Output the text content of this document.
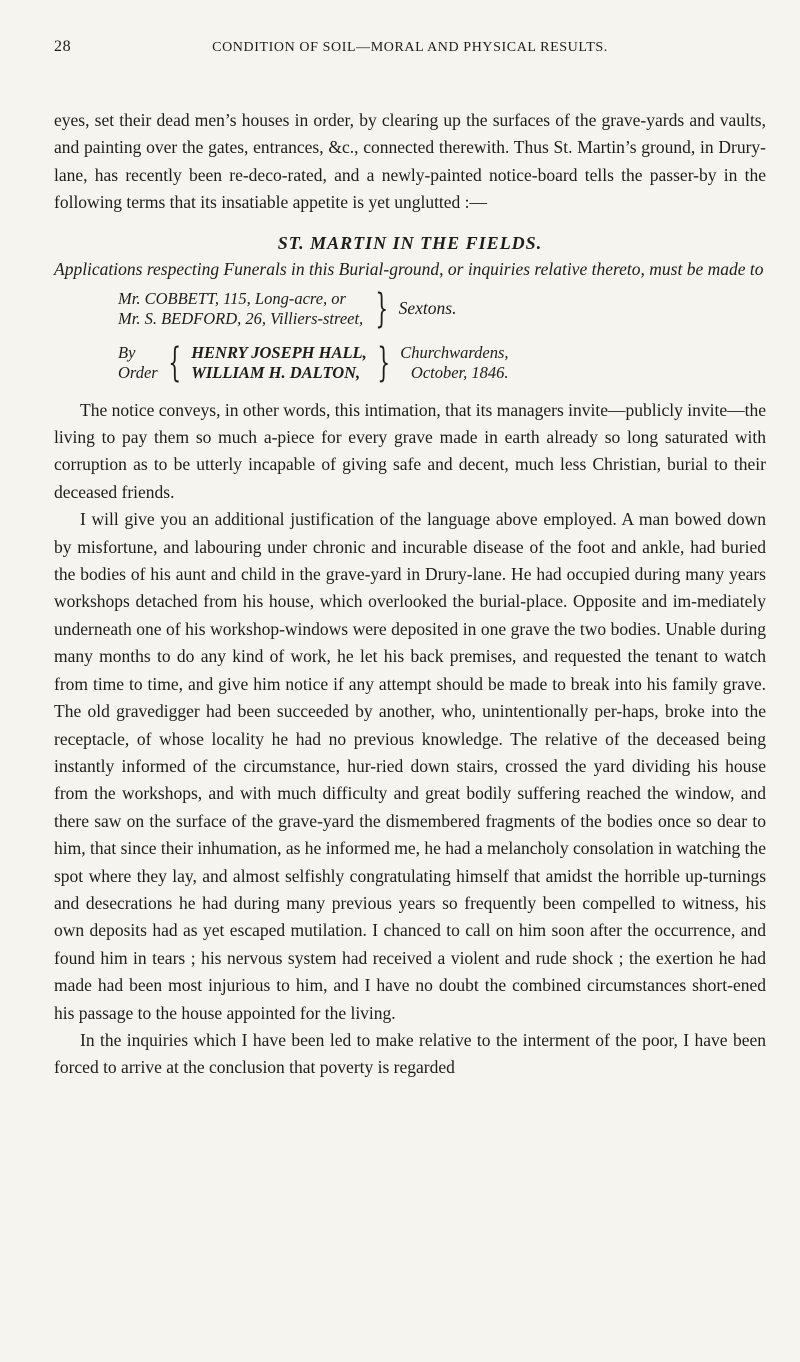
28	CONDITION OF SOIL—MORAL AND PHYSICAL RESULTS.

eyes, set their dead men’s houses in order, by clearing up the surfaces of the grave-yards and vaults, and painting over the gates, entrances, &c., connected therewith. Thus St. Martin’s ground, in Drury-lane, has recently been re-deco-rated, and a newly-painted notice-board tells the passer-by in the following terms that its insatiable appetite is yet unglutted :—

ST. MARTIN IN THE FIELDS.

Applications respecting Funerals in this Burial-ground, or inquiries relative thereto, must be made to

Mr. COBBETT, 115, Long-acre, or
Mr. S. BEDFORD, 26, Villiers-street, } Sextons.
By
Order { HENRY JOSEPH HALL,
WILLIAM H. DALTON, } Churchwardens,
October, 1846.

The notice conveys, in other words, this intimation, that its managers invite—publicly invite—the living to pay them so much a-piece for every grave made in earth already so long saturated with corruption as to be utterly incapable of giving safe and decent, much less Christian, burial to their deceased friends.

I will give you an additional justification of the language above employed. A man bowed down by misfortune, and labouring under chronic and incurable disease of the foot and ankle, had buried the bodies of his aunt and child in the grave-yard in Drury-lane. He had occupied during many years workshops detached from his house, which overlooked the burial-place. Opposite and im-mediately underneath one of his workshop-windows were deposited in one grave the two bodies. Unable during many months to do any kind of work, he let his back premises, and requested the tenant to watch from time to time, and give him notice if any attempt should be made to break into his family grave. The old gravedigger had been succeeded by another, who, unintentionally per-haps, broke into the receptacle, of whose locality he had no previous knowledge. The relative of the deceased being instantly informed of the circumstance, hur-ried down stairs, crossed the yard dividing his house from the workshops, and with much difficulty and great bodily suffering reached the window, and there saw on the surface of the grave-yard the dismembered fragments of the bodies once so dear to him, that since their inhumation, as he informed me, he had a melancholy consolation in watching the spot where they lay, and almost selfishly congratulating himself that amidst the horrible up-turnings and desecrations he had during many previous years so frequently been compelled to witness, his own deposits had as yet escaped mutilation. I chanced to call on him soon after the occurrence, and found him in tears ; his nervous system had received a violent and rude shock ; the exertion he had made had been most injurious to him, and I have no doubt the combined circumstances short-ened his passage to the house appointed for the living.

In the inquiries which I have been led to make relative to the interment of the poor, I have been forced to arrive at the conclusion that poverty is regarded
